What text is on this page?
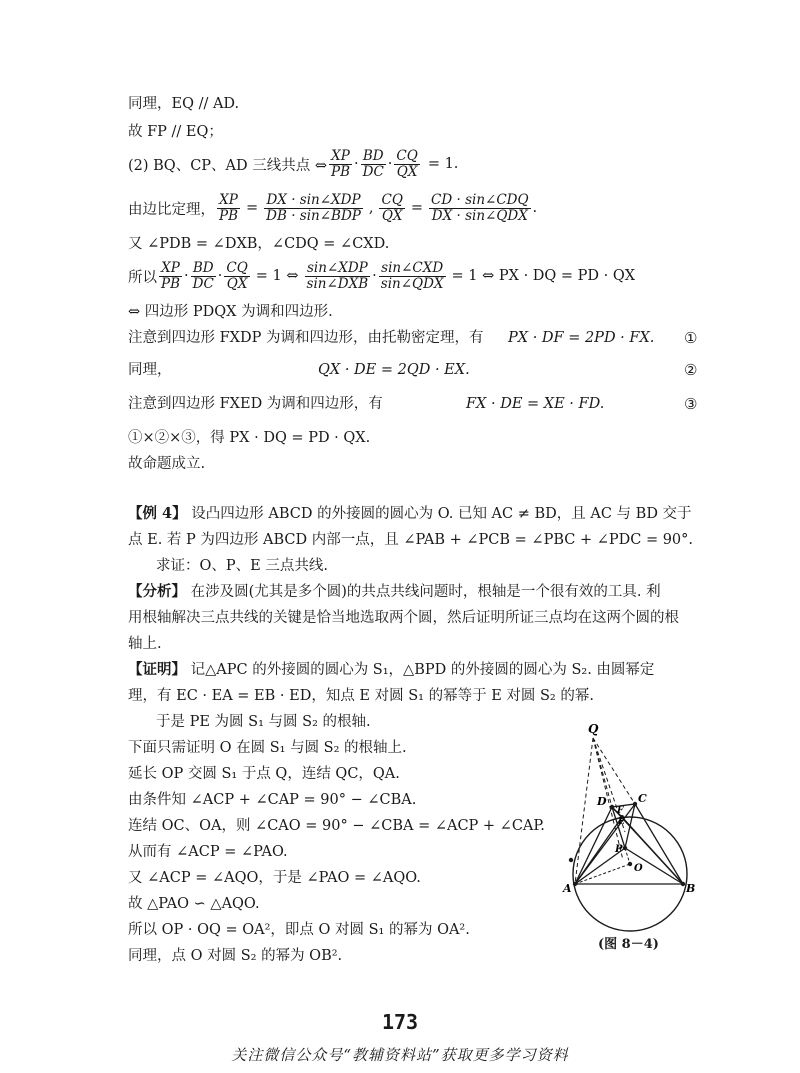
同理，EQ // AD.
故 FP // EQ；
(2) BQ、CP、AD 三线共点 ⇔ $\frac{XP}{PB} \cdot \frac{BD}{DC} \cdot \frac{CQ}{QX} = 1$.
由边比定理， $\frac{XP}{PB} = \frac{\text{DX · sin∠XDP}}{\text{DB · sin∠BDP}}$ , $\frac{CQ}{QX} = \frac{\text{CD · sin∠CDQ}}{\text{DX · sin∠QDX}}$ .
又 ∠PDB = ∠DXB，∠CDQ = ∠CXD.
所以 $\frac{XP}{PB} \cdot \frac{BD}{DC} \cdot \frac{CQ}{QX} = 1$ ⇔ $\frac{\text{sin∠XDP}}{\text{sin∠DXB}} \cdot \frac{\text{sin∠CXD}}{\text{sin∠QDX}} = 1$ ⇔ PX · DQ = PD · QX
⇔ 四边形 PDQX 为调和四边形.
注意到四边形 FXDP 为调和四边形，由托勒密定理，有 PX · DF = 2PD · FX. ①
同理，	QX · DE = 2QD · EX.	②
注意到四边形 FXED 为调和四边形，有	FX · DE = XE · FD.	③
①×②×③，得 PX · DQ = PD · QX.
故命题成立.
【例 4】 设凸四边形 ABCD 的外接圆的圆心为 O. 已知 AC ≠ BD，且 AC 与 BD 交于
点 E. 若 P 为四边形 ABCD 内部一点，且 ∠PAB + ∠PCB = ∠PBC + ∠PDC = 90°.
求证：O、P、E 三点共线.
【分析】 在涉及圆(尤其是多个圆)的共点共线问题时，根轴是一个很有效的工具. 利
用根轴解决三点共线的关键是恰当地选取两个圆，然后证明所证三点均在这两个圆的根
轴上.
【证明】 记△APC 的外接圆的圆心为 S₁，△BPD 的外接圆的圆心为 S₂. 由圆幂定
理，有 EC · EA = EB · ED，知点 E 对圆 S₁ 的幂等于 E 对圆 S₂ 的幂.
于是 PE 为圆 S₁ 与圆 S₂ 的根轴.
下面只需证明 O 在圆 S₁ 与圆 S₂ 的根轴上.
延长 OP 交圆 S₁ 于点 Q，连结 QC，QA.
由条件知 ∠ACP + ∠CAP = 90° − ∠CBA.
连结 OC、OA，则 ∠CAO = 90° − ∠CBA = ∠ACP + ∠CAP.
从而有 ∠ACP = ∠PAO.
又 ∠ACP = ∠AQO，于是 ∠PAO = ∠AQO.
故 △PAO ∽ △AQO.
所以 OP · OQ = OA²，即点 O 对圆 S₁ 的幂为 OA².
同理，点 O 对圆 S₂ 的幂为 OB².
Q
D	C
F
E
P
O
A	B
(图 8－4)
173
关注微信公众号“教辅资料站”获取更多学习资料
